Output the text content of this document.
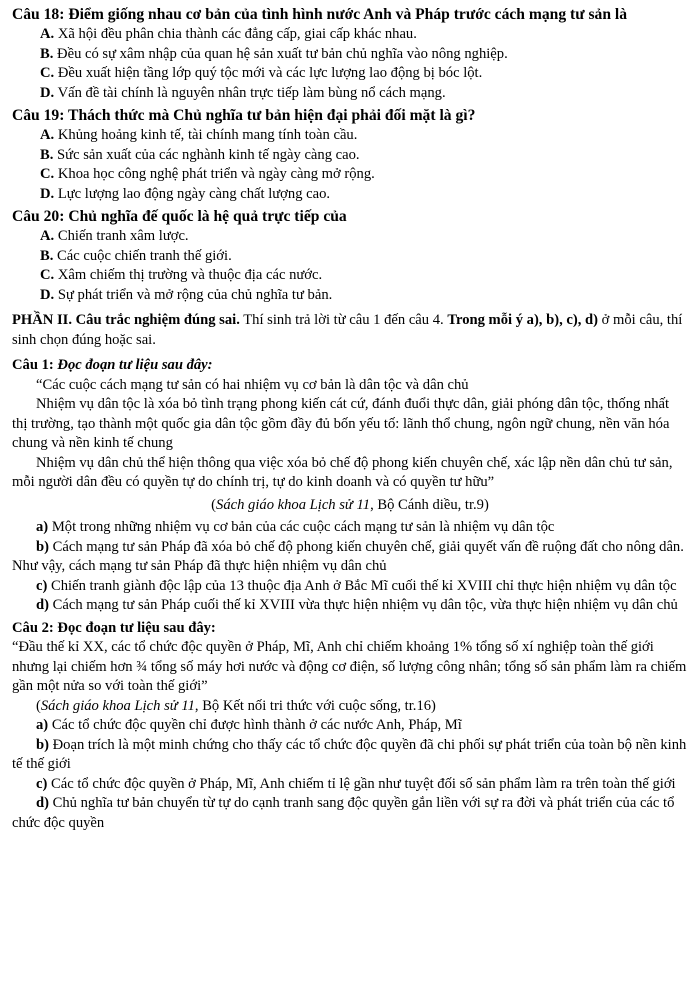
Câu 18: Điểm giống nhau cơ bản của tình hình nước Anh và Pháp trước cách mạng tư sản là

A. Xã hội đều phân chia thành các đẳng cấp, giai cấp khác nhau.

B. Đều có sự xâm nhập của quan hệ sản xuất tư bản chủ nghĩa vào nông nghiệp.

C. Đều xuất hiện tầng lớp quý tộc mới và các lực lượng lao động bị bóc lột.

D. Vấn đề tài chính là nguyên nhân trực tiếp làm bùng nổ cách mạng.

Câu 19: Thách thức mà Chủ nghĩa tư bản hiện đại phải đối mặt là gì?

A. Khủng hoảng kinh tế, tài chính mang tính toàn cầu.

B. Sức sản xuất của các nghành kinh tế ngày càng cao.

C. Khoa học công nghệ phát triển và ngày càng mở rộng.

D. Lực lượng lao động ngày càng chất lượng cao.

Câu 20: Chủ nghĩa đế quốc là hệ quả trực tiếp của

A. Chiến tranh xâm lược.

B. Các cuộc chiến tranh thế giới.

C. Xâm chiếm thị trường và thuộc địa các nước.

D. Sự phát triển và mở rộng của chủ nghĩa tư bản.

PHẦN II. Câu trắc nghiệm đúng sai. Thí sinh trả lời từ câu 1 đến câu 4. Trong mỗi ý a), b), c), d) ở mỗi câu, thí sinh chọn đúng hoặc sai.

Câu 1: Đọc đoạn tư liệu sau đây:

“Các cuộc cách mạng tư sản có hai nhiệm vụ cơ bản là dân tộc và dân chủ

Nhiệm vụ dân tộc là xóa bỏ tình trạng phong kiến cát cứ, đánh đuổi thực dân, giải phóng dân tộc, thống nhất thị trường, tạo thành một quốc gia dân tộc gồm đầy đủ bốn yếu tố: lãnh thổ chung, ngôn ngữ chung, nền văn hóa chung và nền kinh tế chung

Nhiệm vụ dân chủ thể hiện thông qua việc xóa bỏ chế độ phong kiến chuyên chế, xác lập nền dân chủ tư sản, mỗi người dân đều có quyền tự do chính trị, tự do kinh doanh và có quyền tư hữu”

(Sách giáo khoa Lịch sử 11, Bộ Cánh diều, tr.9)

a) Một trong những nhiệm vụ cơ bản của các cuộc cách mạng tư sản là nhiệm vụ dân tộc

b) Cách mạng tư sản Pháp đã xóa bỏ chế độ phong kiến chuyên chế, giải quyết vấn đề ruộng đất cho nông dân. Như vậy, cách mạng tư sản Pháp đã thực hiện nhiệm vụ dân chủ

c) Chiến tranh giành độc lập của 13 thuộc địa Anh ở Bắc Mĩ cuối thế kỉ XVIII chỉ thực hiện nhiệm vụ dân tộc

d) Cách mạng tư sản Pháp cuối thế kỉ XVIII vừa thực hiện nhiệm vụ dân tộc, vừa thực hiện nhiệm vụ dân chủ

Câu 2: Đọc đoạn tư liệu sau đây:

“Đầu thế kỉ XX, các tổ chức độc quyền ở Pháp, Mĩ, Anh chỉ chiếm khoảng 1% tổng số xí nghiệp toàn thế giới nhưng lại chiếm hơn ¾ tổng số máy hơi nước và động cơ điện, số lượng công nhân; tổng số sản phẩm làm ra chiếm gần một nửa so với toàn thế giới”

(Sách giáo khoa Lịch sử 11, Bộ Kết nối tri thức với cuộc sống, tr.16)

a) Các tổ chức độc quyền chỉ được hình thành ở các nước Anh, Pháp, Mĩ

b) Đoạn trích là một minh chứng cho thấy các tổ chức độc quyền đã chi phối sự phát triển của toàn bộ nền kinh tế thế giới

c) Các tổ chức độc quyền ở Pháp, Mĩ, Anh chiếm tỉ lệ gần như tuyệt đối số sản phẩm làm ra trên toàn thế giới

d) Chủ nghĩa tư bản chuyển từ tự do cạnh tranh sang độc quyền gắn liền với sự ra đời và phát triển của các tổ chức độc quyền
